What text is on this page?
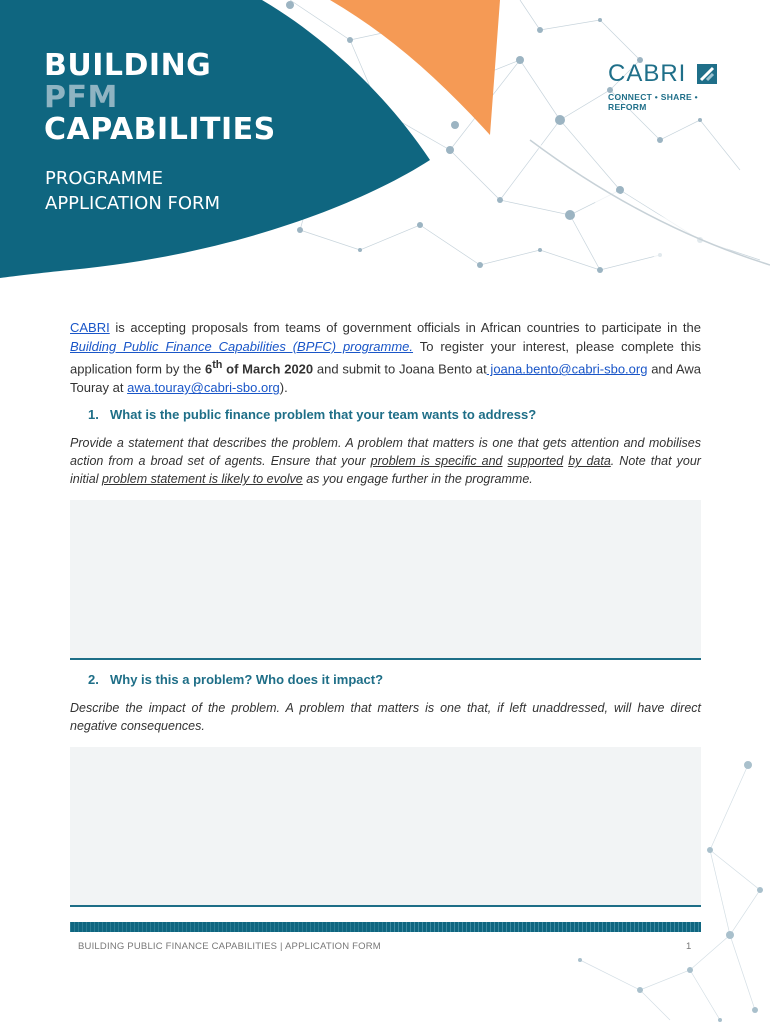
BUILDING
PFM
CAPABILITIES
PROGRAMME
APPLICATION FORM
CABRI
CONNECT • SHARE • REFORM

CABRI is accepting proposals from teams of government officials in African countries to participate in the Building Public Finance Capabilities (BPFC) programme. To register your interest, please complete this application form by the 6th of March 2020 and submit to Joana Bento at joana.bento@cabri-sbo.org and Awa Touray at awa.touray@cabri-sbo.org).

1. What is the public finance problem that your team wants to address?

Provide a statement that describes the problem. A problem that matters is one that gets attention and mobilises action from a broad set of agents. Ensure that your problem is specific and supported by data. Note that your initial problem statement is likely to evolve as you engage further in the programme.

2. Why is this a problem? Who does it impact?

Describe the impact of the problem. A problem that matters is one that, if left unaddressed, will have direct negative consequences.

BUILDING PUBLIC FINANCE CAPABILITIES | APPLICATION FORM	1
